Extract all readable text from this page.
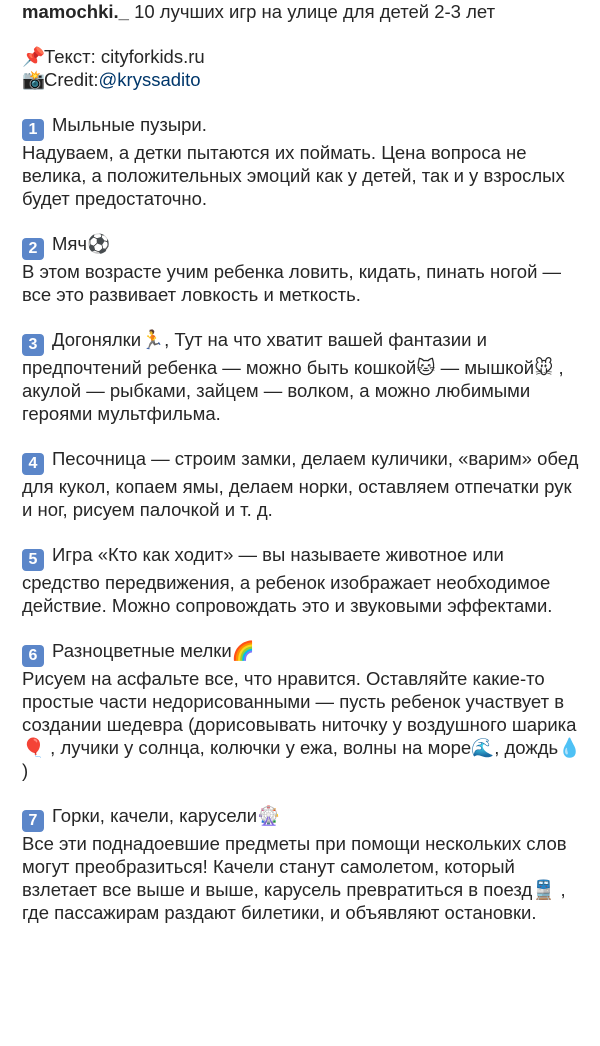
mamochki._ 10 лучших игр на улице для детей 2-3 лет
📌
Текст: cityforkids.ru
📸
Credit: @kryssadito
1 Мыльные пузыри.
Надуваем, а детки пытаются их поймать. Цена вопроса не велика, а положительных эмоций как у детей, так и у взрослых будет предостаточно.
2 Мяч⚽
В этом возрасте учим ребенка ловить, кидать, пинать ногой — все это развивает ловкость и меткость.
3 Догонялки🏃, Тут на что хватит вашей фантазии и предпочтений ребенка — можно быть кошкой🐱 — мышкой🐭 , акулой — рыбками, зайцем — волком, а можно любимыми героями мультфильма.
4 Песочница — строим замки, делаем куличики, «варим» обед для кукол, копаем ямы, делаем норки, оставляем отпечатки рук и ног, рисуем палочкой и т. д.
5 Игра «Кто как ходит» — вы называете животное или средство передвижения, а ребенок изображает необходимое действие. Можно сопровождать это и звуковыми эффектами.
6 Разноцветные мелки🌈
Рисуем на асфальте все, что нравится. Оставляйте какие-то простые части недорисованными — пусть ребенок участвует в создании шедевра (дорисовывать ниточку у воздушного шарика🎈 , лучики у солнца, колючки у ежа, волны на море🌊, дождь💧 )
7 Горки, качели, карусели🎡
Все эти поднадоевшие предметы при помощи нескольких слов могут преобразиться! Качели станут самолетом, который взлетает все выше и выше, карусель превратиться в поезд🚆 , где пассажирам раздают билетики, и объявляют остановки.
